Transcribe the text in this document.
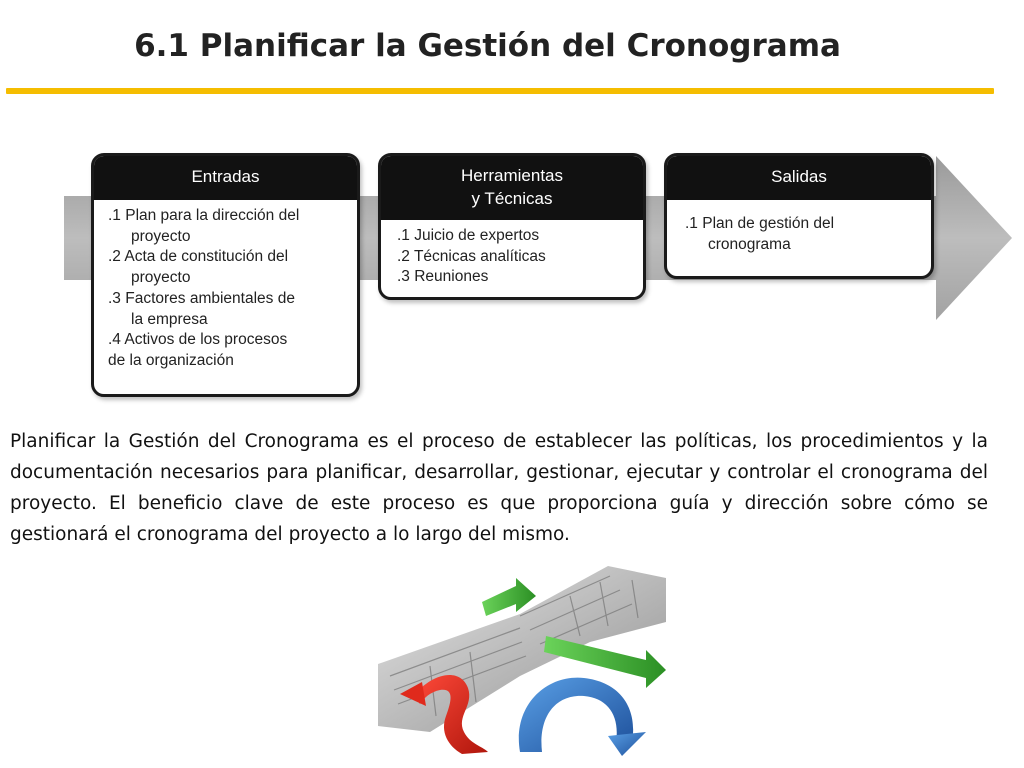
6.1 Planificar la Gestión del Cronograma
Entradas
.1 Plan para la dirección del
proyecto
.2 Acta de constitución del
proyecto
.3 Factores ambientales de
la empresa
.4 Activos de los procesos
de la organización
Herramientas
y Técnicas
.1 Juicio de expertos
.2 Técnicas analíticas
.3 Reuniones
Salidas
.1 Plan de gestión del
cronograma
Planificar la Gestión del Cronograma es el proceso de establecer las políticas, los procedimientos y la documentación necesarios para planificar, desarrollar, gestionar, ejecutar y controlar el cronograma del proyecto. El beneficio clave de este proceso es que proporciona guía y dirección sobre cómo se gestionará el cronograma del proyecto a lo largo del mismo.
